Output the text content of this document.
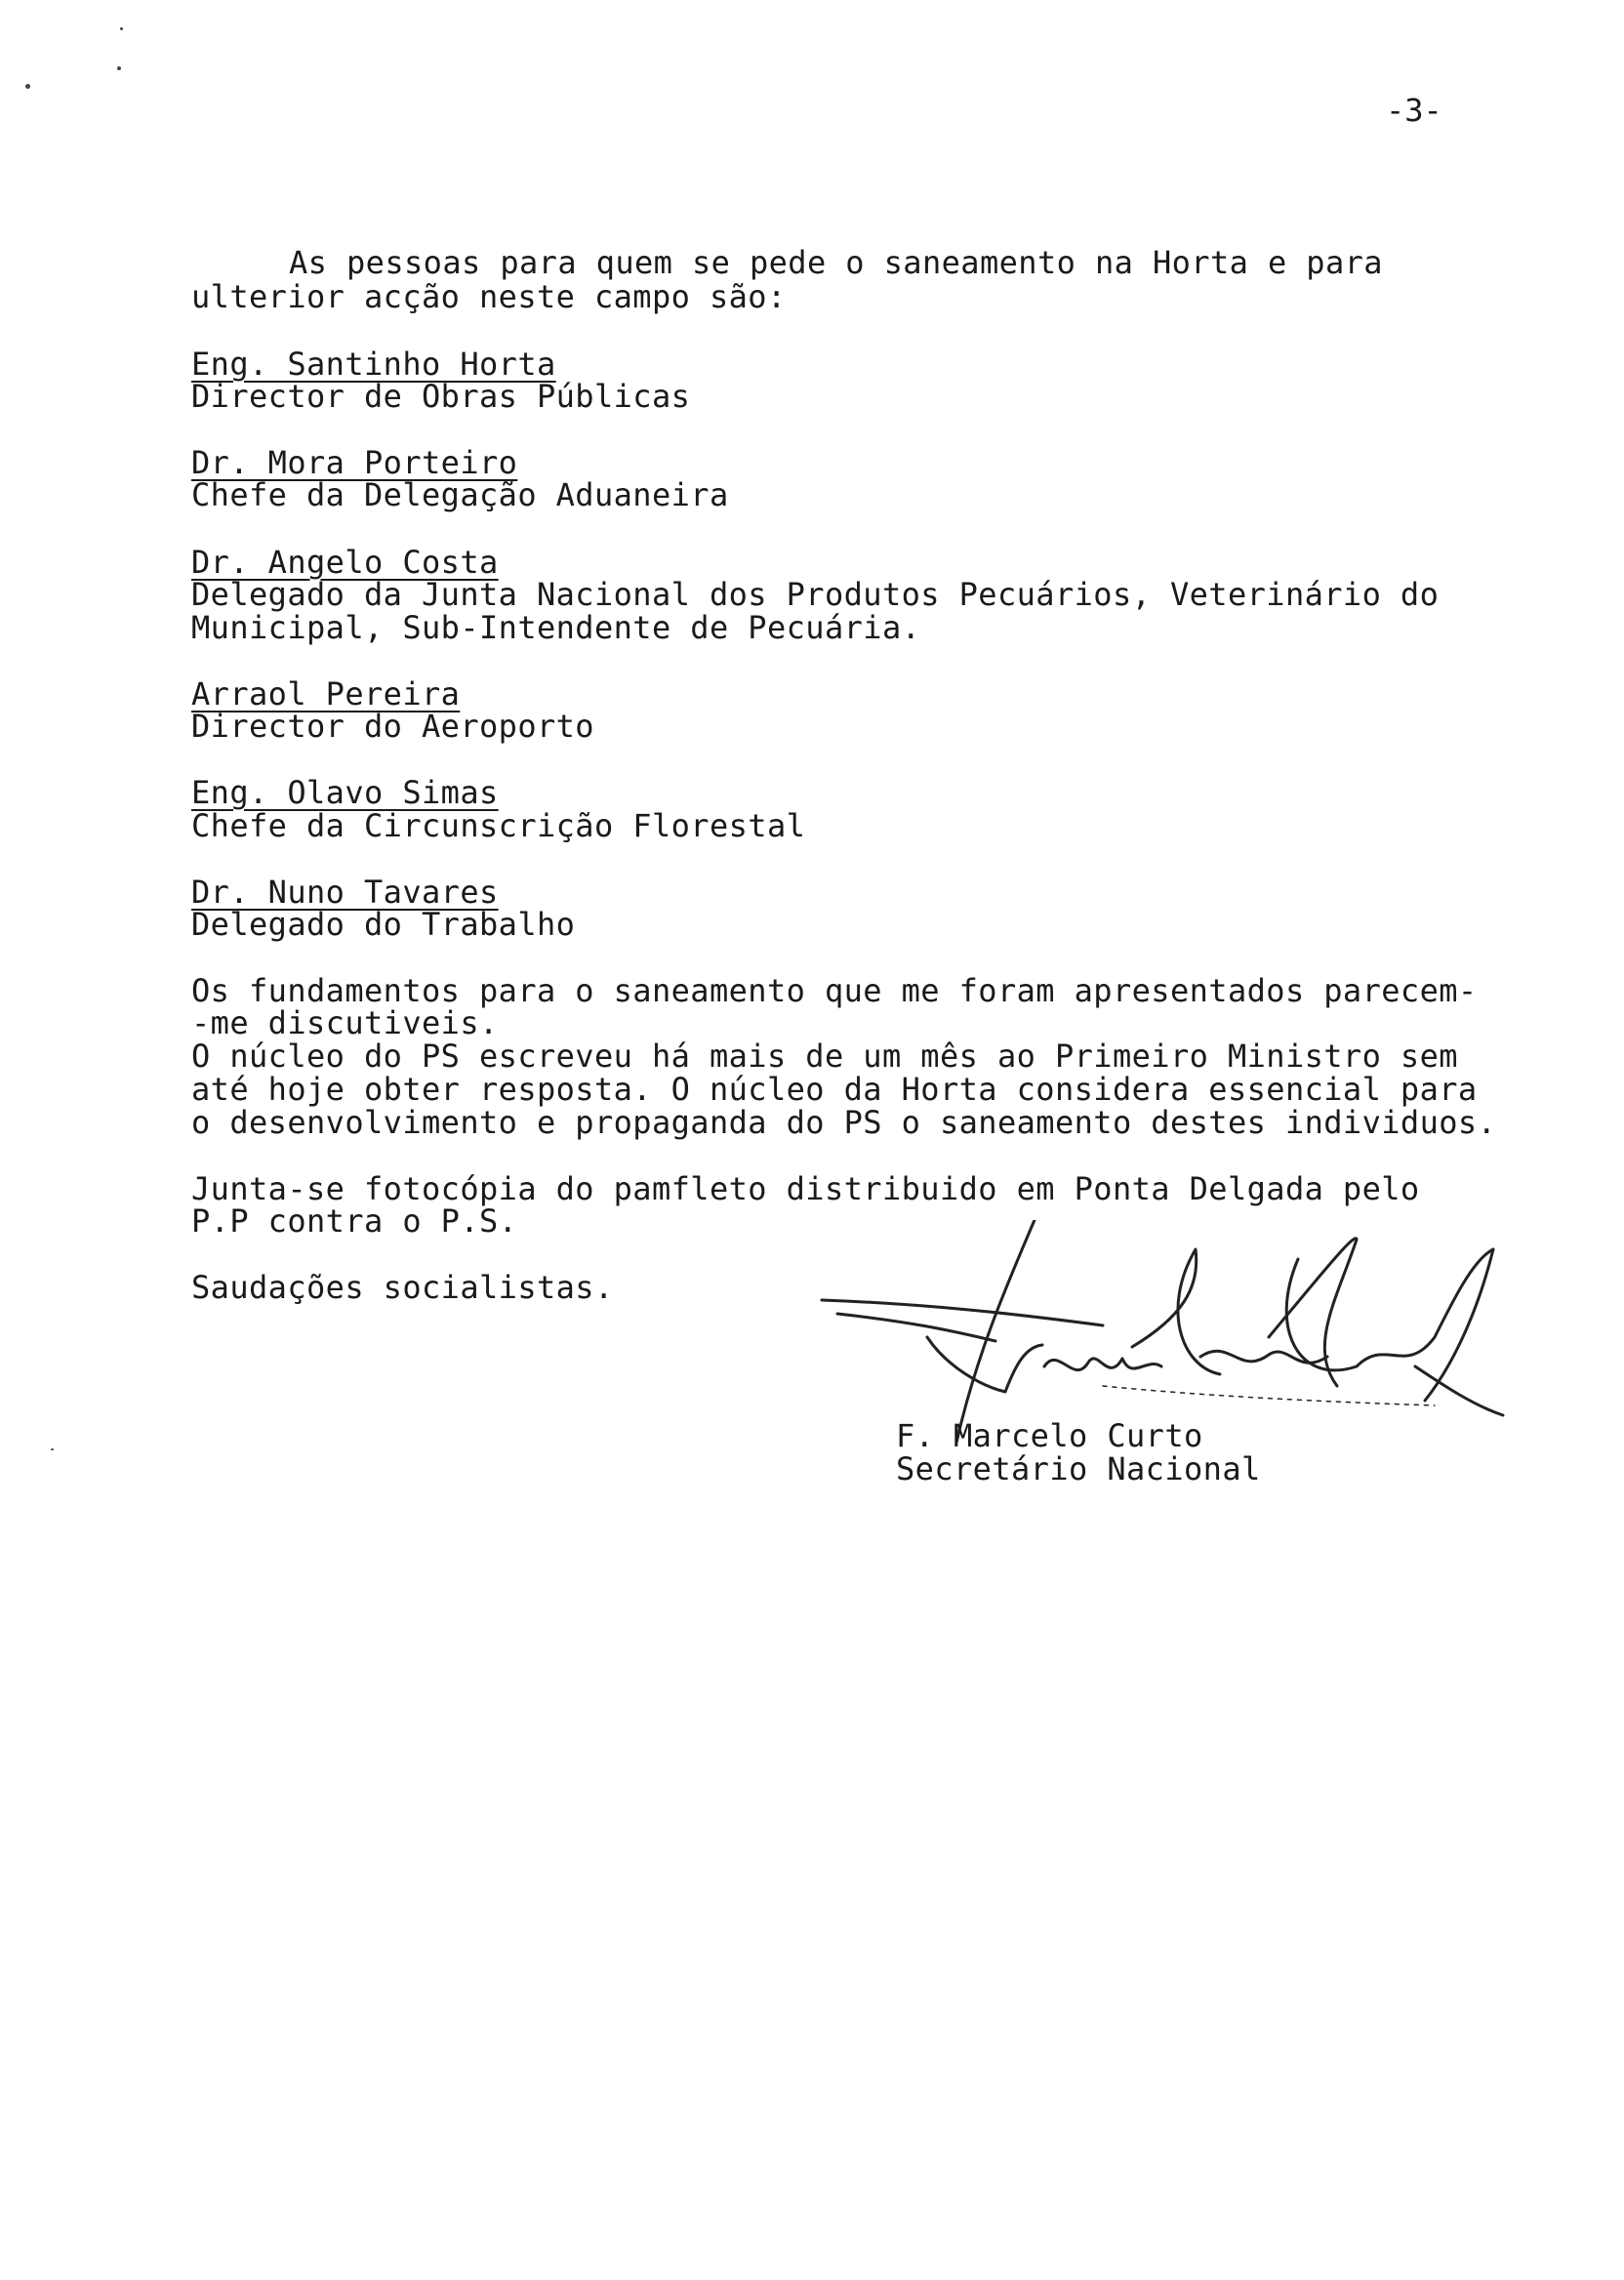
-3-
As pessoas para quem se pede o saneamento na Horta e para
ulterior acção neste campo são:
Eng. Santinho Horta
Director de Obras Públicas
Dr. Mora Porteiro
Chefe da Delegação Aduaneira
Dr. Angelo Costa
Delegado da Junta Nacional dos Produtos Pecuários, Veterinário do
Municipal, Sub-Intendente de Pecuária.
Arraol Pereira
Director do Aeroporto
Eng. Olavo Simas
Chefe da Circunscrição Florestal
Dr. Nuno Tavares
Delegado do Trabalho
Os fundamentos para o saneamento que me foram apresentados parecem-
-me discutiveis.
O núcleo do PS escreveu há mais de um mês ao Primeiro Ministro sem
até hoje obter resposta. O núcleo da Horta considera essencial para
o desenvolvimento e propaganda do PS o saneamento destes individuos.
Junta-se fotocópia do pamfleto distribuido em Ponta Delgada pelo
P.P contra o P.S.
Saudações socialistas.
F. Marcelo Curto
Secretário Nacional
